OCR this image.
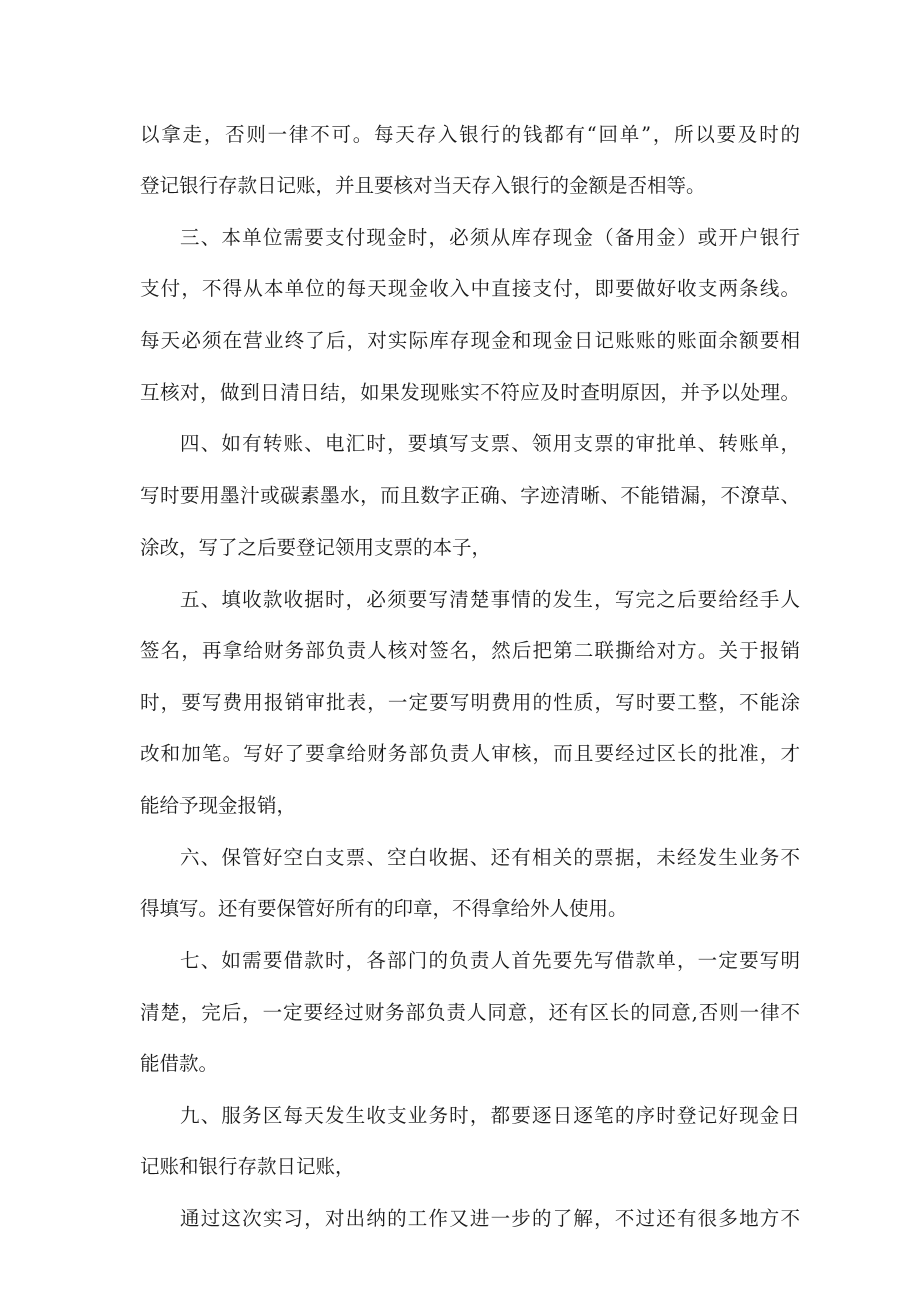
以拿走，否则一律不可。每天存入银行的钱都有“回单”，所以要及时的

登记银行存款日记账，并且要核对当天存入银行的金额是否相等。

三、本单位需要支付现金时，必须从库存现金（备用金）或开户银行

支付，不得从本单位的每天现金收入中直接支付，即要做好收支两条线。

每天必须在营业终了后，对实际库存现金和现金日记账账的账面余额要相

互核对，做到日清日结，如果发现账实不符应及时查明原因，并予以处理。

四、如有转账、电汇时，要填写支票、领用支票的审批单、转账单，

写时要用墨汁或碳素墨水，而且数字正确、字迹清晰、不能错漏，不潦草、

涂改，写了之后要登记领用支票的本子，

五、填收款收据时，必须要写清楚事情的发生，写完之后要给经手人

签名，再拿给财务部负责人核对签名，然后把第二联撕给对方。关于报销

时，要写费用报销审批表，一定要写明费用的性质，写时要工整，不能涂

改和加笔。写好了要拿给财务部负责人审核，而且要经过区长的批准，才

能给予现金报销，

六、保管好空白支票、空白收据、还有相关的票据，未经发生业务不

得填写。还有要保管好所有的印章，不得拿给外人使用。

七、如需要借款时，各部门的负责人首先要先写借款单，一定要写明

清楚，完后，一定要经过财务部负责人同意，还有区长的同意,否则一律不

能借款。

九、服务区每天发生收支业务时，都要逐日逐笔的序时登记好现金日

记账和银行存款日记账，

通过这次实习，对出纳的工作又进一步的了解，不过还有很多地方不
